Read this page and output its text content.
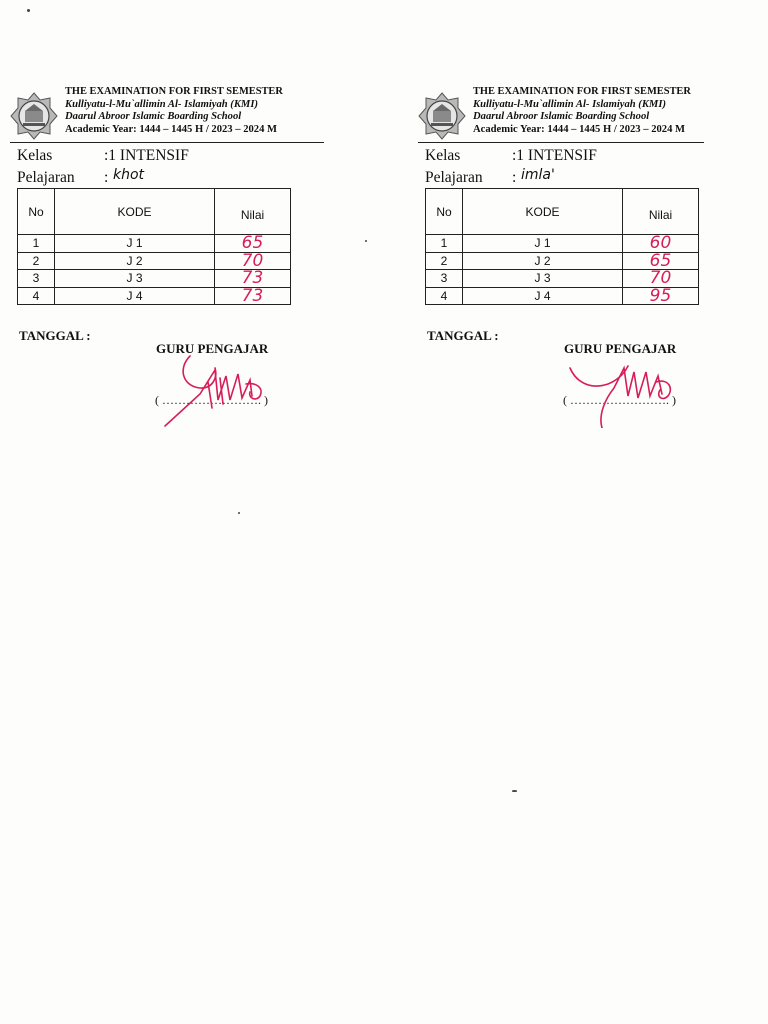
THE EXAMINATION FOR FIRST SEMESTER
Kulliyatu-l-Mu`allimin Al- Islamiyah (KMI)
Daarul Abroor Islamic Boarding School
Academic Year: 1444 – 1445 H / 2023 – 2024 M
Kelas	:1 INTENSIF
Pelajaran : khot
No	KODE	Nilai
1	J 1	65
2	J 2	70
3	J 3	73
4	J 4	73
TANGGAL :
GURU PENGAJAR
( ……………………. )
THE EXAMINATION FOR FIRST SEMESTER
Kulliyatu-l-Mu`allimin Al- Islamiyah (KMI)
Daarul Abroor Islamic Boarding School
Academic Year: 1444 – 1445 H / 2023 – 2024 M
Kelas	:1 INTENSIF
Pelajaran : imla'
No	KODE	Nilai
1	J 1	60
2	J 2	65
3	J 3	70
4	J 4	95
TANGGAL :
GURU PENGAJAR
( ……………………. )
